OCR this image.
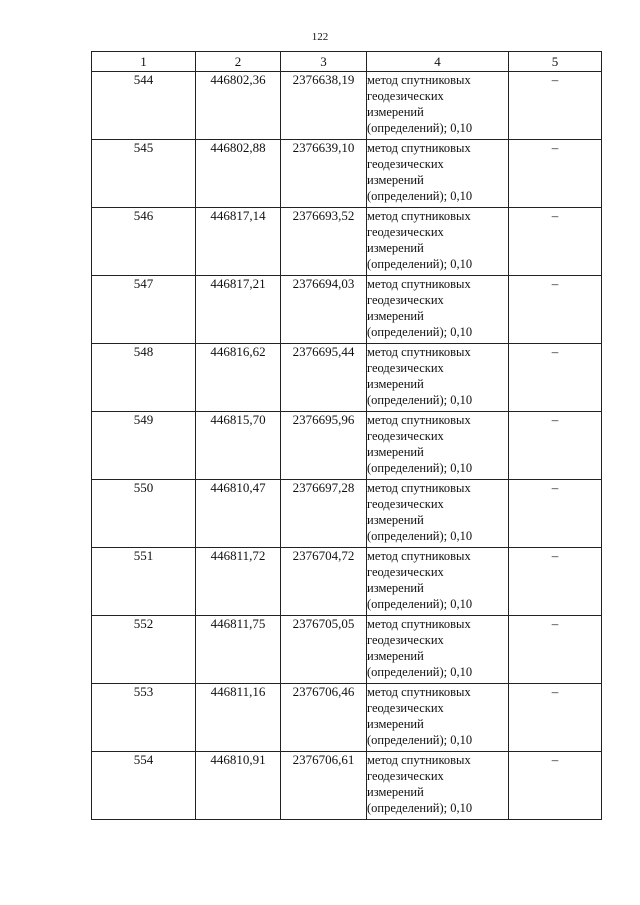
122
1	2	3	4	5
544	446802,36	2376638,19	метод спутниковых
геодезических
измерений
(определений); 0,10	–
545	446802,88	2376639,10	метод спутниковых
геодезических
измерений
(определений); 0,10	–
546	446817,14	2376693,52	метод спутниковых
геодезических
измерений
(определений); 0,10	–
547	446817,21	2376694,03	метод спутниковых
геодезических
измерений
(определений); 0,10	–
548	446816,62	2376695,44	метод спутниковых
геодезических
измерений
(определений); 0,10	–
549	446815,70	2376695,96	метод спутниковых
геодезических
измерений
(определений); 0,10	–
550	446810,47	2376697,28	метод спутниковых
геодезических
измерений
(определений); 0,10	–
551	446811,72	2376704,72	метод спутниковых
геодезических
измерений
(определений); 0,10	–
552	446811,75	2376705,05	метод спутниковых
геодезических
измерений
(определений); 0,10	–
553	446811,16	2376706,46	метод спутниковых
геодезических
измерений
(определений); 0,10	–
554	446810,91	2376706,61	метод спутниковых
геодезических
измерений
(определений); 0,10	–
